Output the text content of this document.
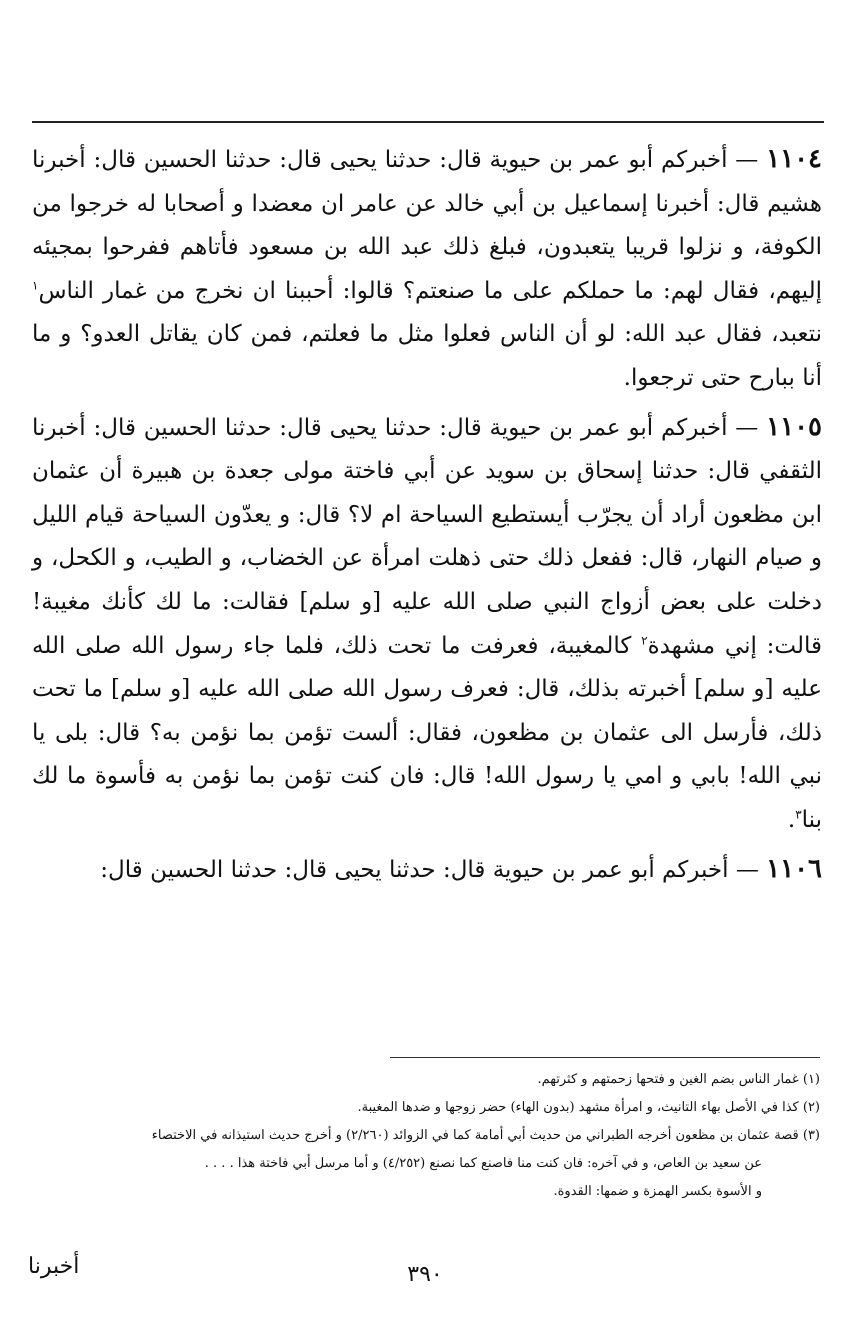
١١٠٤ — أخبركم أبو عمر بن حيوية قال: حدثنا يحيى قال: حدثنا الحسين قال: أخبرنا هشيم قال: أخبرنا إسماعيل بن أبي خالد عن عامر ان معضدا و أصحابا له خرجوا من الكوفة، و نزلوا قريبا يتعبدون، فبلغ ذلك عبد الله بن مسعود فأتاهم ففرحوا بمجيئه إليهم، فقال لهم: ما حملكم على ما صنعتم؟ قالوا: أحببنا ان نخرج من غمار الناس$^١$ نتعبد، فقال عبد الله: لو أن الناس فعلوا مثل ما فعلتم، فمن كان يقاتل العدو؟ و ما أنا ببارح حتى ترجعوا.

١١٠٥ — أخبركم أبو عمر بن حيوية قال: حدثنا يحيى قال: حدثنا الحسين قال: أخبرنا الثقفي قال: حدثنا إسحاق بن سويد عن أبي فاختة مولى جعدة بن هبيرة أن عثمان ابن مظعون أراد أن يجرّب أيستطيع السياحة ام لا؟ قال: و يعدّون السياحة قيام الليل و صيام النهار، قال: ففعل ذلك حتى ذهلت امرأة عن الخضاب، و الطيب، و الكحل، و دخلت على بعض أزواج النبي صلى الله عليه [و سلم] فقالت: ما لك كأنك مغيبة! قالت: إني مشهدة$^٢$ كالمغيبة، فعرفت ما تحت ذلك، فلما جاء رسول الله صلى الله عليه [و سلم] أخبرته بذلك، قال: فعرف رسول الله صلى الله عليه [و سلم] ما تحت ذلك، فأرسل الى عثمان بن مظعون، فقال: ألست تؤمن بما نؤمن به؟ قال: بلى يا نبي الله! بابي و امي يا رسول الله! قال: فان كنت تؤمن بما نؤمن به فأسوة ما لك بنا$^٣$.

١١٠٦ — أخبركم أبو عمر بن حيوية قال: حدثنا يحيى قال: حدثنا الحسين قال:

(١) غمار الناس بضم الغين و فتحها زحمتهم و كثرتهم.

(٢) كذا في الأصل بهاء التانيث، و امرأة مشهد (بدون الهاء) حضر زوجها و ضدها المغيبة.

(٣) قصة عثمان بن مظعون أخرجه الطبراني من حديث أبي أمامة كما في الزوائد (٢/٢٦٠) و أخرج حديث استيذانه في الاختصاء

عن سعيد بن العاص، و في آخره: فان كنت منا فاصنع كما نصنع (٤/٢٥٢) و أما مرسل أبي فاختة هذا . . . .

و الأسوة بكسر الهمزة و ضمها: القدوة.

٣٩٠
أخبرنا
